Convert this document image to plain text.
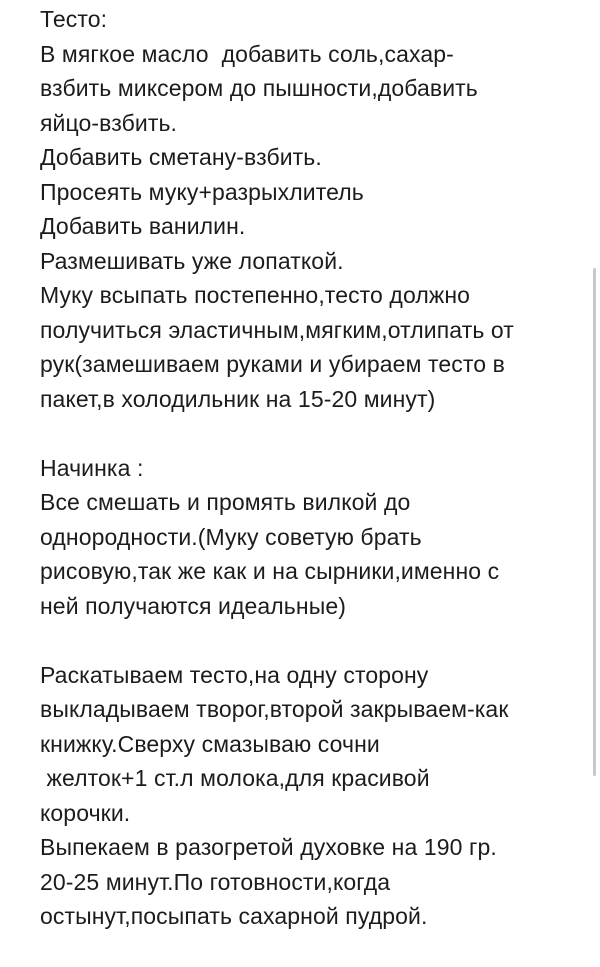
Тесто:
В мягкое масло  добавить соль,сахар-
взбить миксером до пышности,добавить
яйцо-взбить.
Добавить сметану-взбить.
Просеять муку+разрыхлитель
Добавить ванилин.
Размешивать уже лопаткой.
Муку всыпать постепенно,тесто должно
получиться эластичным,мягким,отлипать от
рук(замешиваем руками и убираем тесто в
пакет,в холодильник на 15-20 минут)
Начинка :
Все смешать и промять вилкой до
однородности.(Муку советую брать
рисовую,так же как и на сырники,именно с
ней получаются идеальные)
Раскатываем тесто,на одну сторону
выкладываем творог,второй закрываем-как
книжку.Сверху смазываю сочни
желток+1 ст.л молока,для красивой
корочки.
Выпекаем в разогретой духовке на 190 гр.
20-25 минут.По готовности,когда
остынут,посыпать сахарной пудрой.
